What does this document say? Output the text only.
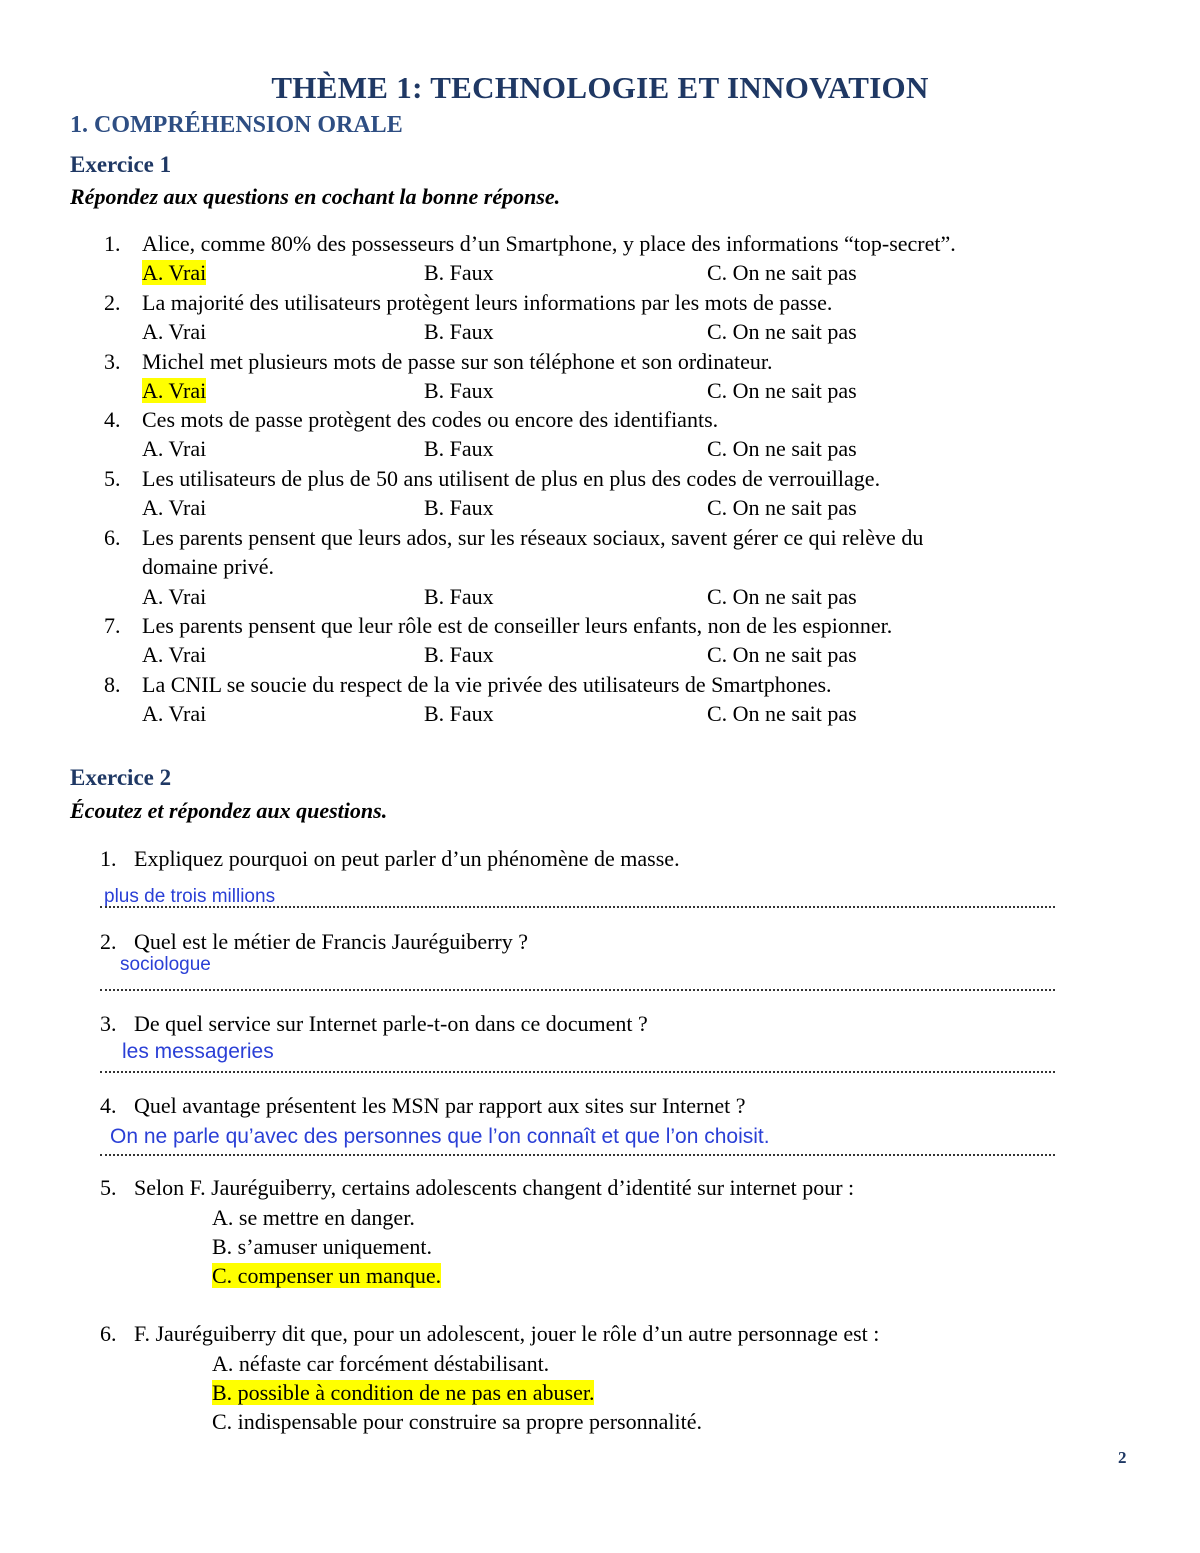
THÈME 1: TECHNOLOGIE ET INNOVATION
1. COMPRÉHENSION ORALE
Exercice 1
Répondez aux questions en cochant la bonne réponse.
1. Alice, comme 80% des possesseurs d’un Smartphone, y place des informations “top-secret”.
A. Vrai	B. Faux	C. On ne sait pas
2. La majorité des utilisateurs protègent leurs informations par les mots de passe.
A. Vrai	B. Faux	C. On ne sait pas
3. Michel met plusieurs mots de passe sur son téléphone et son ordinateur.
A. Vrai	B. Faux	C. On ne sait pas
4. Ces mots de passe protègent des codes ou encore des identifiants.
A. Vrai	B. Faux	C. On ne sait pas
5. Les utilisateurs de plus de 50 ans utilisent de plus en plus des codes de verrouillage.
A. Vrai	B. Faux	C. On ne sait pas
6. Les parents pensent que leurs ados, sur les réseaux sociaux, savent gérer ce qui relève du
domaine privé.
A. Vrai	B. Faux	C. On ne sait pas
7. Les parents pensent que leur rôle est de conseiller leurs enfants, non de les espionner.
A. Vrai	B. Faux	C. On ne sait pas
8. La CNIL se soucie du respect de la vie privée des utilisateurs de Smartphones.
A. Vrai	B. Faux	C. On ne sait pas
Exercice 2
Écoutez et répondez aux questions.
1. Expliquez pourquoi on peut parler d’un phénomène de masse.
plus de trois millions
2. Quel est le métier de Francis Jauréguiberry ?
sociologue
3. De quel service sur Internet parle-t-on dans ce document ?
les messageries
4. Quel avantage présentent les MSN par rapport aux sites sur Internet ?
On ne parle qu’avec des personnes que l’on connaît et que l’on choisit.
5. Selon F. Jauréguiberry, certains adolescents changent d’identité sur internet pour :
A. se mettre en danger.
B. s’amuser uniquement.
C. compenser un manque.
6. F. Jauréguiberry dit que, pour un adolescent, jouer le rôle d’un autre personnage est :
A. néfaste car forcément déstabilisant.
B. possible à condition de ne pas en abuser.
C. indispensable pour construire sa propre personnalité.
2
